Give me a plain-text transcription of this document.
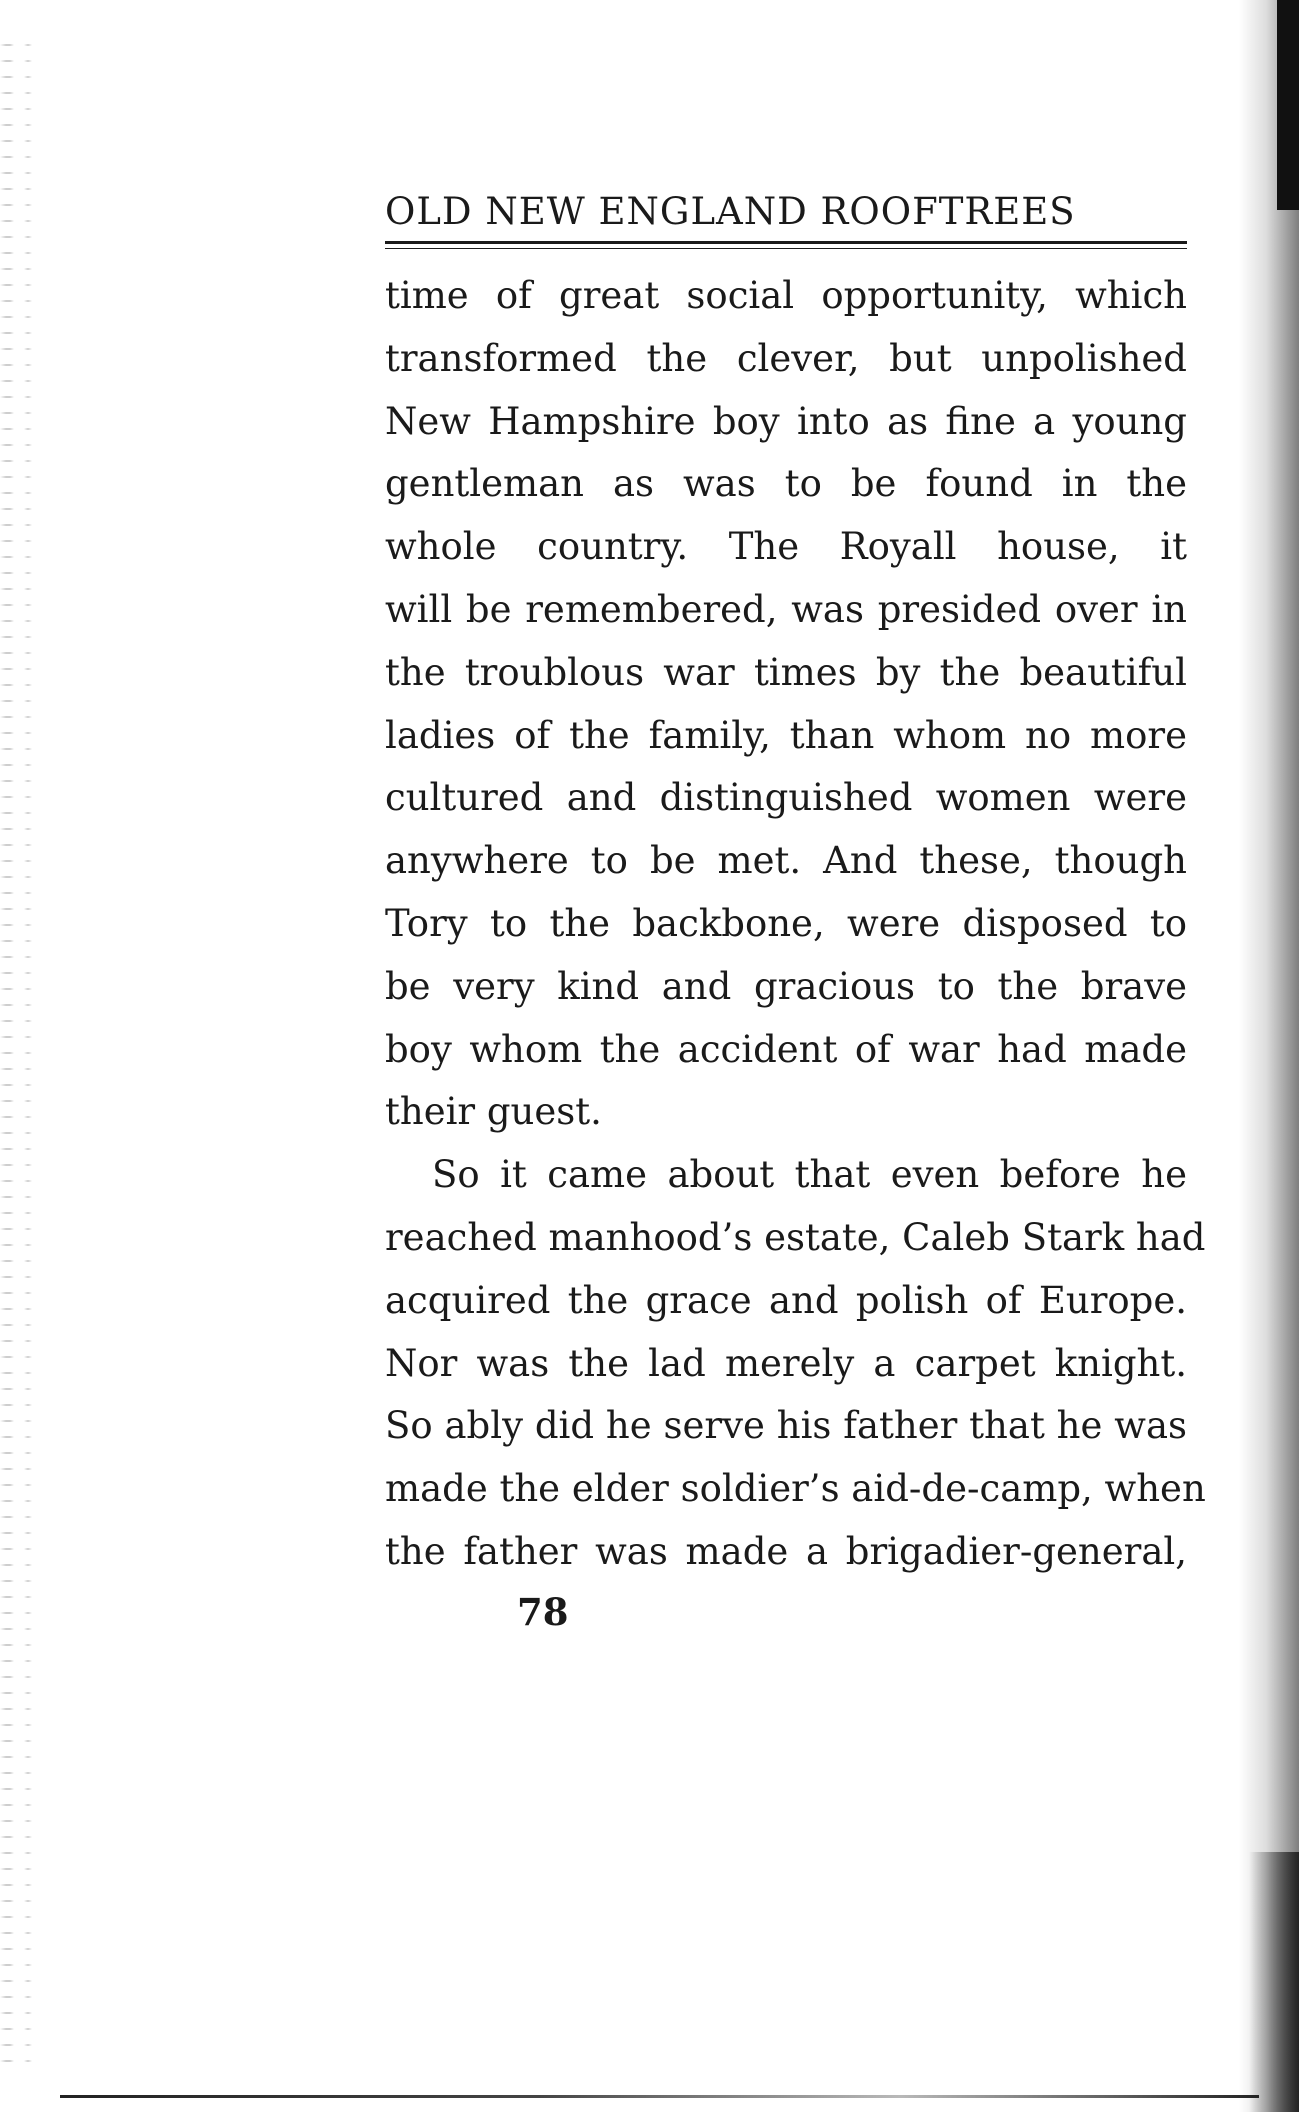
OLD NEW ENGLAND ROOFTREES
time of great social opportunity, which
transformed the clever, but unpolished
New Hampshire boy into as fine a young
gentleman as was to be found in the
whole country. The Royall house, it
will be remembered, was presided over in
the troublous war times by the beautiful
ladies of the family, than whom no more
cultured and distinguished women were
anywhere to be met. And these, though
Tory to the backbone, were disposed to
be very kind and gracious to the brave
boy whom the accident of war had made
their guest.
So it came about that even before he
reached manhood’s estate, Caleb Stark had
acquired the grace and polish of Europe.
Nor was the lad merely a carpet knight.
So ably did he serve his father that he was
made the elder soldier’s aid-de-camp, when
the father was made a brigadier-general,
78
